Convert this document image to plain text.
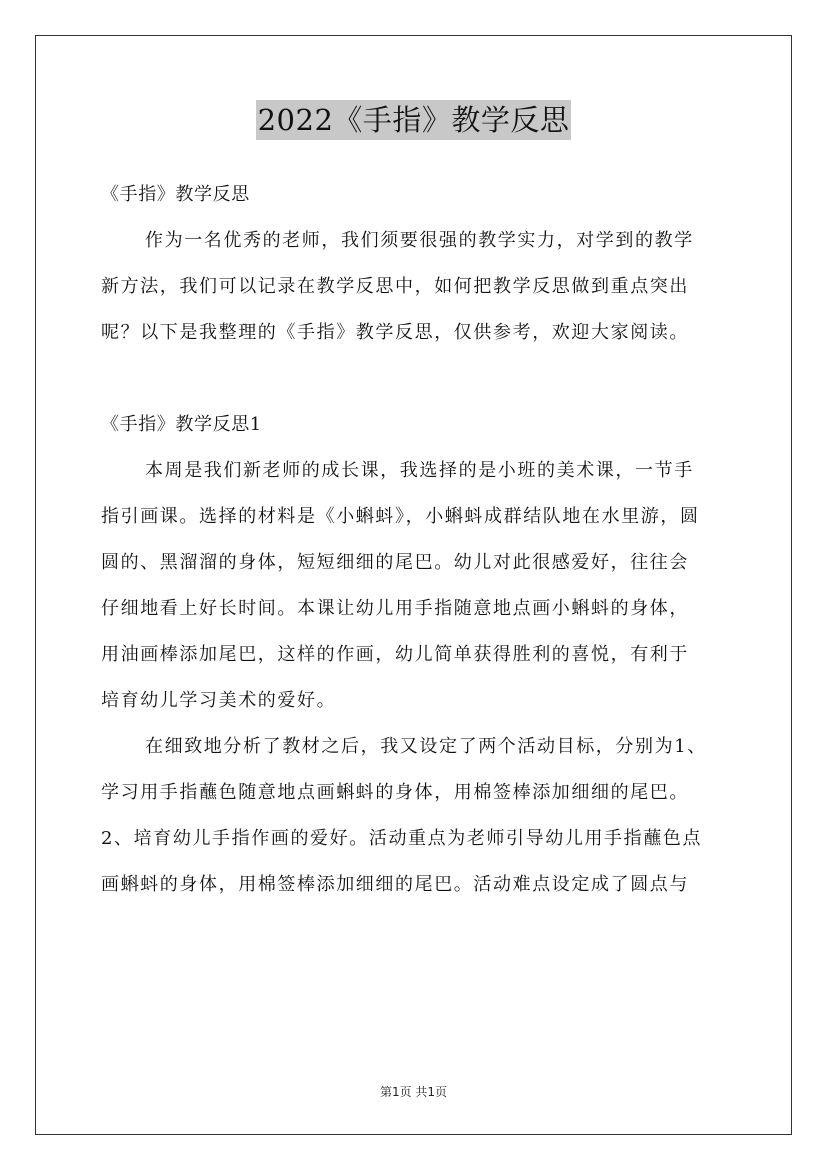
2022《手指》教学反思
《手指》教学反思
作为一名优秀的老师，我们须要很强的教学实力，对学到的教学
新方法，我们可以记录在教学反思中，如何把教学反思做到重点突出
呢？以下是我整理的《手指》教学反思，仅供参考，欢迎大家阅读。
《手指》教学反思1
本周是我们新老师的成长课，我选择的是小班的美术课，一节手
指引画课。选择的材料是《小蝌蚪》，小蝌蚪成群结队地在水里游，圆
圆的、黑溜溜的身体，短短细细的尾巴。幼儿对此很感爱好，往往会
仔细地看上好长时间。本课让幼儿用手指随意地点画小蝌蚪的身体，
用油画棒添加尾巴，这样的作画，幼儿简单获得胜利的喜悦，有利于
培育幼儿学习美术的爱好。
在细致地分析了教材之后，我又设定了两个活动目标，分别为1、
学习用手指蘸色随意地点画蝌蚪的身体，用棉签棒添加细细的尾巴。
2、培育幼儿手指作画的爱好。活动重点为老师引导幼儿用手指蘸色点
画蝌蚪的身体，用棉签棒添加细细的尾巴。活动难点设定成了圆点与
第1页 共1页
